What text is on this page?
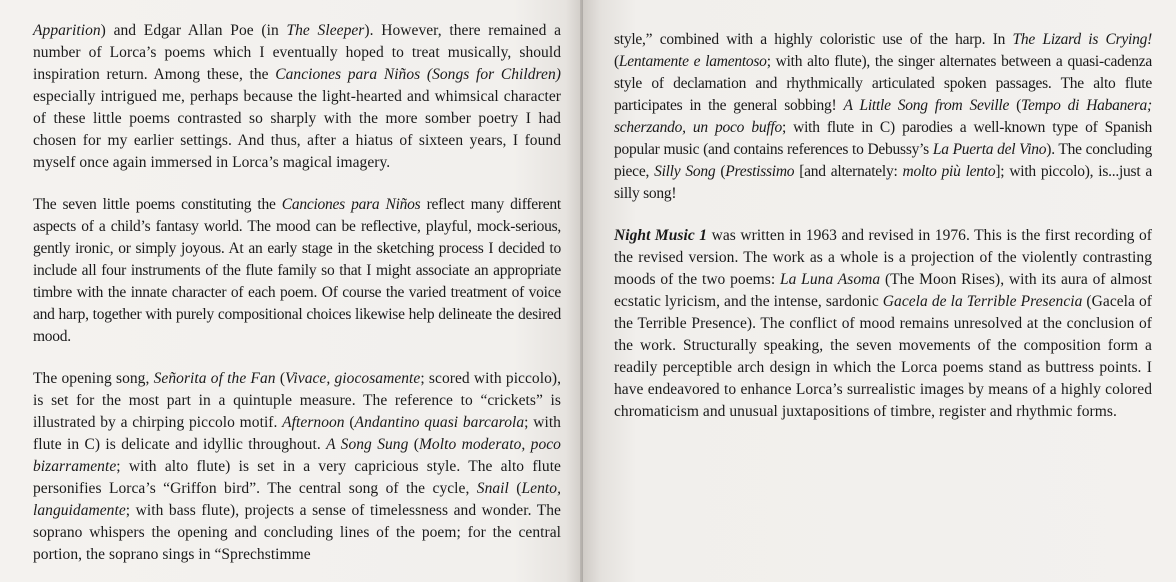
Apparition) and Edgar Allan Poe (in The Sleeper). However, there remained a number of Lorca’s poems which I eventually hoped to treat musically, should inspiration return. Among these, the Canciones para Niños (Songs for Children) especially intrigued me, perhaps because the light-hearted and whimsical character of these little poems contrasted so sharply with the more somber poetry I had chosen for my earlier settings. And thus, after a hiatus of sixteen years, I found myself once again immersed in Lorca’s magical imagery.

The seven little poems constituting the Canciones para Niños reflect many different aspects of a child’s fantasy world. The mood can be reflective, playful, mock-serious, gently ironic, or simply joyous. At an early stage in the sketching process I decided to include all four instruments of the flute family so that I might associate an appropriate timbre with the innate character of each poem. Of course the varied treatment of voice and harp, together with purely compositional choices likewise help delineate the desired mood.

The opening song, Señorita of the Fan (Vivace, giocosamente; scored with piccolo), is set for the most part in a quintuple measure. The reference to “crickets” is illustrated by a chirping piccolo motif. Afternoon (Andantino quasi barcarola; with flute in C) is delicate and idyllic throughout. A Song Sung (Molto moderato, poco bizarramente; with alto flute) is set in a very capricious style. The alto flute personifies Lorca’s “Griffon bird”. The central song of the cycle, Snail (Lento, languidamente; with bass flute), projects a sense of timelessness and wonder. The soprano whispers the opening and concluding lines of the poem; for the central portion, the soprano sings in “Sprechstimme

style,” combined with a highly coloristic use of the harp. In The Lizard is Crying! (Lentamente e lamentoso; with alto flute), the singer alternates between a quasi-cadenza style of declamation and rhythmically articulated spoken passages. The alto flute participates in the general sobbing! A Little Song from Seville (Tempo di Habanera; scherzando, un poco buffo; with flute in C) parodies a well-known type of Spanish popular music (and contains references to Debussy’s La Puerta del Vino). The concluding piece, Silly Song (Prestissimo [and alternately: molto più lento]; with piccolo), is...just a silly song!

Night Music 1 was written in 1963 and revised in 1976. This is the first recording of the revised version. The work as a whole is a projection of the violently contrasting moods of the two poems: La Luna Asoma (The Moon Rises), with its aura of almost ecstatic lyricism, and the intense, sardonic Gacela de la Terrible Presencia (Gacela of the Terrible Presence). The conflict of mood remains unresolved at the conclusion of the work. Structurally speaking, the seven movements of the composition form a readily perceptible arch design in which the Lorca poems stand as buttress points. I have endeavored to enhance Lorca’s surrealistic images by means of a highly colored chromaticism and unusual juxtapositions of timbre, register and rhythmic forms.
